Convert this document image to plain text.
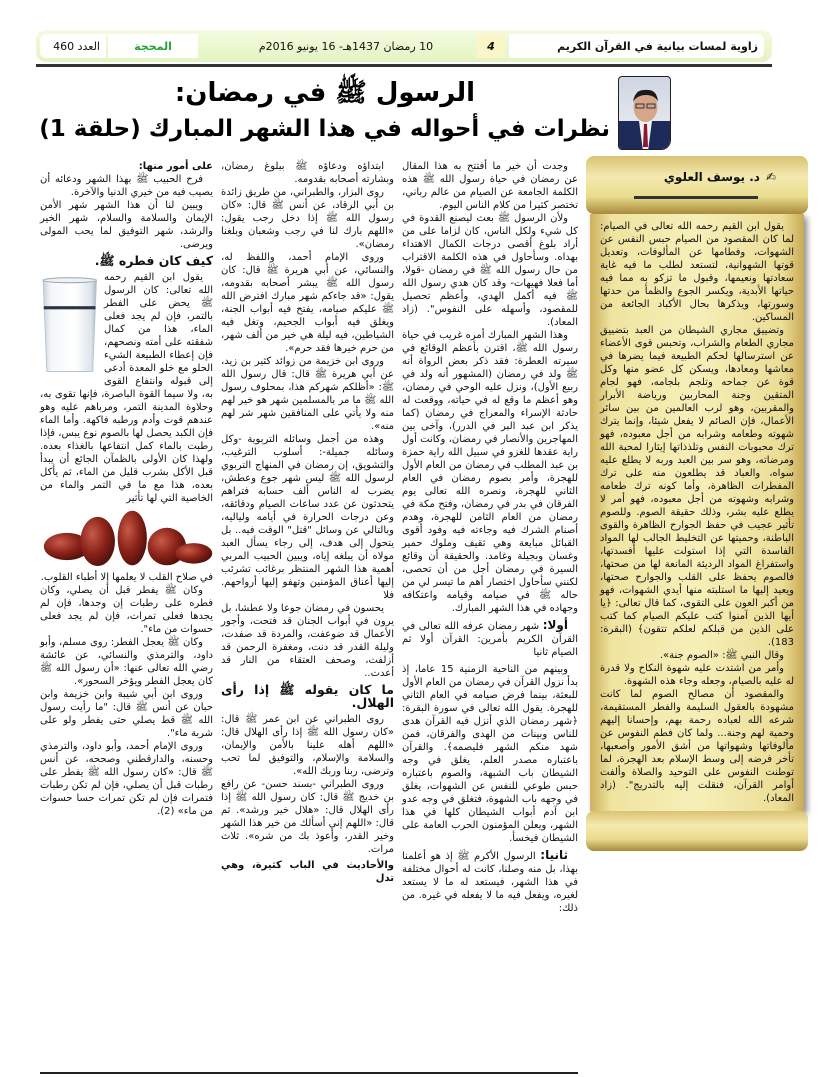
زاوية لمسات بيانية في القرآن الكريم
4
10 رمضان 1437هـ- 16 يونيو 2016م
المحجة
العدد 460
الرسول ﷺ في رمضان:
نظرات في أحواله في هذا الشهر المبارك (حلقة 1)
✍
د. يوسف العلوي

يقول ابن القيم رحمه الله تعالى في الصيام: لما كان المقصود من الصيام حبس النفس عن الشهوات، وفطامها عن المألوفات، وتعديل قوتها الشهوانية، لتستعد لطلب ما فيه غاية سعادتها ونعيمها، وقبول ما تزكو به مما فيه حياتها الأبدية، ويكسر الجوع والظمأ من حدتها وسورتها، ويذكرها بحال الأكباد الجائعة من المساكين.

وتضييق مجاري الشيطان من العبد بتضييق مجاري الطعام والشراب، وتحبس قوى الأعضاء عن استرسالها لحكم الطبيعة فيما يضرها في معاشها ومعادها، ويسكن كل عضو منها وكل قوة عن جماحه وتلجم بلجامه، فهو لجام المتقين وجنة المحاربين ورياضة الأبرار والمقربين، وهو لرب العالمين من بين سائر الأعمال، فإن الصائم لا يفعل شيئا، وإنما يترك شهوته وطعامه وشرابه من أجل معبوده، فهو ترك محبوبات النفس وتلذذاتها إيثارا لمحبة الله ومرضاته، وهو سر بين العبد وربه لا يطلع عليه سواه، والعباد قد يطلعون منه على ترك المفطرات الظاهرة، وأما كونه ترك طعامه وشرابه وشهوته من أجل معبوده، فهو أمر لا يطلع عليه بشر، وذلك حقيقة الصوم. وللصوم تأثير عجيب في حفظ الجوارح الظاهرة والقوى الباطنة، وحميتها عن التخليط الجالب لها المواد الفاسدة التي إذا استولت عليها أفسدتها، واستفراغ المواد الرديئة المانعة لها من صحتها، فالصوم يحفظ على القلب والجوارح صحتها، ويعيد إليها ما استلبته منها أيدي الشهوات، فهو من أكبر العون على التقوى، كما قال تعالى: ﴿يا أيها الذين آمنوا كتب عليكم الصيام كما كتب على الذين من قبلكم لعلكم تتقون﴾ (البقرة: 183).

وقال النبي ﷺ: «الصوم جنة».

وأمر من اشتدت عليه شهوة النكاح ولا قدرة له عليه بالصيام، وجعله وجاء هذه الشهوة.

والمقصود أن مصالح الصوم لما كانت مشهودة بالعقول السليمة والفطر المستقيمة، شرعه الله لعباده رحمة بهم، وإحسانا إليهم وحمية لهم وجنة... ولما كان فطم النفوس عن مألوفاتها وشهواتها من أشق الأمور وأصعبها، تأخر فرضه إلى وسط الإسلام بعد الهجرة، لما توطنت النفوس على التوحيد والصلاة وألفت أوامر القرآن، فنقلت إليه بالتدريج". (زاد المعاد).

وجدت أن خير ما أفتتح به هذا المقال عن رمضان في حياة رسول الله ﷺ هذه الكلمة الجامعة عن الصيام من عالم رباني، تختصر كثيرا من كلام الناس اليوم.

ولأن الرسول ﷺ بعث ليصنع القدوة في كل شيء ولكل الناس، كان لزاما على من أراد بلوغ أقصى درجات الكمال الاهتداء بهداه. وسأحاول في هذه الكلمة الاقتراب من حال رسول الله ﷺ في رمضان -قولا، أما فعلا فهيهات- وقد كان هدي رسول الله ﷺ فيه أكمل الهدي، وأعظم تحصيل للمقصود، وأسهله على النفوس". (زاد المعاد).

وهذا الشهر المبارك أمره غريب في حياة رسول الله ﷺ، اقترن بأعظم الوقائع في سيرته العطرة: فقد ذكر بعض الرواة أنه ﷺ ولد في رمضان (المشهور أنه ولد في ربيع الأول)، ونزل عليه الوحي في رمضان، وهو أعظم ما وقع له في حياته، ووقعت له حادثة الإسراء والمعراج في رمضان (كما يذكر ابن عبد البر في الدرر)، وآخى بين المهاجرين والأنصار في رمضان، وكانت أول راية عقدها للغزو في سبيل الله راية حمزة بن عبد المطلب في رمضان من العام الأول للهجرة، وأمر بصوم رمضان في العام الثاني للهجرة، ونصره الله تعالى يوم الفرقان في بدر في رمضان، وفتح مكة في رمضان من العام الثامن للهجرة، وهدم أصنام الشرك فيه وجاءته فيه وفود أقوى القبائل مبايعة وهي ثقيف وملوك حمير وغسان وبجيلة وغامد. والحقيقة أن وقائع السيرة في رمضان أجل من أن تحصى، لكنني سأحاول اختصار أهم ما تيسر لي من حاله ﷺ في صيامه وقيامه واعتكافه وجهاده في هذا الشهر المبارك.

أولا: شهر رمضان عرفه الله تعالى في القرآن الكريم بأمرين: القرآن أولا ثم الصيام ثانيا

وبينهم من الناحية الزمنية 15 عاما، إذ بدأ نزول القرآن في رمضان من العام الأول للبعثة، بينما فرض صيامه في العام الثاني للهجرة. يقول الله تعالى في سورة البقرة: ﴿شهر رمضان الذي أنزل فيه القرآن هدى للناس وبينات من الهدى والفرقان، فمن شهد منكم الشهر فليصمه﴾. والقرآن باعتباره مصدر العلم، يغلق في وجه الشيطان باب الشبهة، والصوم باعتباره حبس طوعي للنفس عن الشهوات، يغلق في وجهه باب الشهوة، فتغلق في وجه عدو ابن آدم أبواب الشيطان كلها في هذا الشهر، ويعلن المؤمنون الحرب العامة على الشيطان فيخسأ.

ثانيا: الرسول الأكرم ﷺ إذ هو أعلمنا بهذا، بل منه وصلنا، كانت له أحوال مختلفة في هذا الشهر، فيستعد له ما لا يستعد لغيره، ويفعل فيه ما لا يفعله في غيره. من ذلك:

ابتداؤه ودعاؤه ﷺ ببلوغ رمضان، وبشارته أصحابه بقدومه.

روى البزار، والطبراني، من طريق زائدة بن أبي الرقاد، عن أنس ﷺ قال: «كان رسول الله ﷺ إذا دخل رجب يقول: «اللهم بارك لنا في رجب وشعبان وبلغنا رمضان».

وروى الإمام أحمد، واللفظ له، والنسائي، عن أبي هريرة ﷺ قال: كان رسول الله ﷺ يبشر أصحابه بقدومه، يقول: «قد جاءكم شهر مبارك افترض الله ﷺ عليكم صيامه، يفتح فيه أبواب الجنة، ويغلق فيه أبواب الجحيم، وتغل فيه الشياطين، فيه ليلة هي خير من ألف شهر، من حرم خيرها فقد حرم».

وروى ابن خزيمة من زوائد كثير بن زيد، عن أبي هريرة ﷺ قال: قال رسول الله ﷺ: «أظلكم شهركم هذا، بمحلوف رسول الله ﷺ ما مر بالمسلمين شهر هو خير لهم منه ولا يأتي على المنافقين شهر شر لهم منه».

وهذه من أجمل وسائله التربوية -وكل وسائله جميلة-: أسلوب الترغيب، والتشويق، إن رمضان في المنهاج التربوي لرسول الله ﷺ ليس شهر جوع وعطش، يضرب له الناس ألف حسابه فتراهم يتحدثون عن عدد ساعات الصيام ودقائقه، وعن درجات الحرارة في أيامه ولياليه، وبالتالي عن وسائل "قتل" الوقت فيه.. بل يتحول إلى هدف، إلى رجاء يسأل العبد مولاه أن يبلغه إياه، ويبين الحبيب المربي أهمية هذا الشهر المنتظر برغائب تشرئب إليها أعناق المؤمنين وتهفو إليها أرواحهم. فلا

يحسون في رمضان جوعا ولا عطشا، بل يرون في أبواب الجنان قد فتحت، وأجور الأعمال قد ضوعفت، والمردة قد صفدت، وليلة القدر قد دنت، ومغفرة الرحمن قد أزلفت، وصحف العتقاء من النار قد أعدت..

ما كان يقوله ﷺ إذا رأى الهلال.

روى الطبراني عن ابن عمر ﷺ قال: «كان رسول الله ﷺ إذا رأى الهلال قال: «اللهم أهله علينا بالأمن والإيمان، والسلامة والإسلام، والتوفيق لما تحب وترضى، ربنا وربك الله».

وروى الطبراني -بسند حسن- عن رافع بن خديج ﷺ قال: كان رسول الله ﷺ إذا رأى الهلال قال: «هلال خير ورشد». ثم قال: «اللهم إني أسألك من خير هذا الشهر وخير القدر، وأعوذ بك من شره». ثلاث مرات.

والأحاديث في الباب كثيرة، وهي تدل

على أمور منها:

فرح الحبيب ﷺ بهذا الشهر ودعائه أن يصيب فيه من خيري الدنيا والآخرة.

ويبين لنا أن هذا الشهر شهر الأمن الإيمان والسلامة والسلام، شهر الخير والرشد، شهر التوفيق لما يحب المولى ويرضى.

كيف كان فطره ﷺ.

يقول ابن القيم رحمه الله تعالى: كان الرسول ﷺ يحض على الفطر بالتمر، فإن لم يجد فعلى الماء، هذا من كمال شفقته على أمته ونصحهم، فإن إعطاء الطبيعة الشيء الحلو مع خلو المعدة أدعى إلى قبوله وانتفاع القوى به، ولا سيما القوة الباصرة، فإنها تقوى به، وحلاوة المدينة التمر، ومرباهم عليه وهو عندهم قوت وأدم ورطبه فاكهة. وأما الماء فإن الكبد يحصل لها بالصوم نوع يبس، فإذا رطبت بالماء كمل انتفاعها بالغذاء بعده. ولهذا كان الأولى بالظمآن الجائع أن يبدأ قبل الأكل بشرب قليل من الماء، ثم يأكل بعده، هذا مع ما في التمر والماء من الخاصية التي لها تأثير

في صلاح القلب لا يعلمها إلا أطباء القلوب.

وكان ﷺ يفطر قبل أن يصلي، وكان فطره على رطبات إن وجدها، فإن لم يجدها فعلى تمرات، فإن لم يجد فعلى حسوات من ماء".

وكان ﷺ يعجل الفطر: روى مسلم، وأبو داود، والترمذي والنسائي، عن عائشة رضي الله تعالى عنها: «أن رسول الله ﷺ كان يعجل الفطر ويؤخر السحور».

وروى ابن أبي شيبة وابن خزيمة وابن حبان عن أنس ﷺ قال: "ما رأيت رسول الله ﷺ قط يصلي حتى يفطر ولو على شربة ماء".

وروى الإمام أحمد، وأبو داود، والترمذي وحسنه، والدارقطني وصححه، عن أنس ﷺ قال: «كان رسول الله ﷺ يفطر على رطبات قبل أن يصلي، فإن لم تكن رطبات فتمرات فإن لم تكن تمرات حسا حسوات من ماء» (2).
